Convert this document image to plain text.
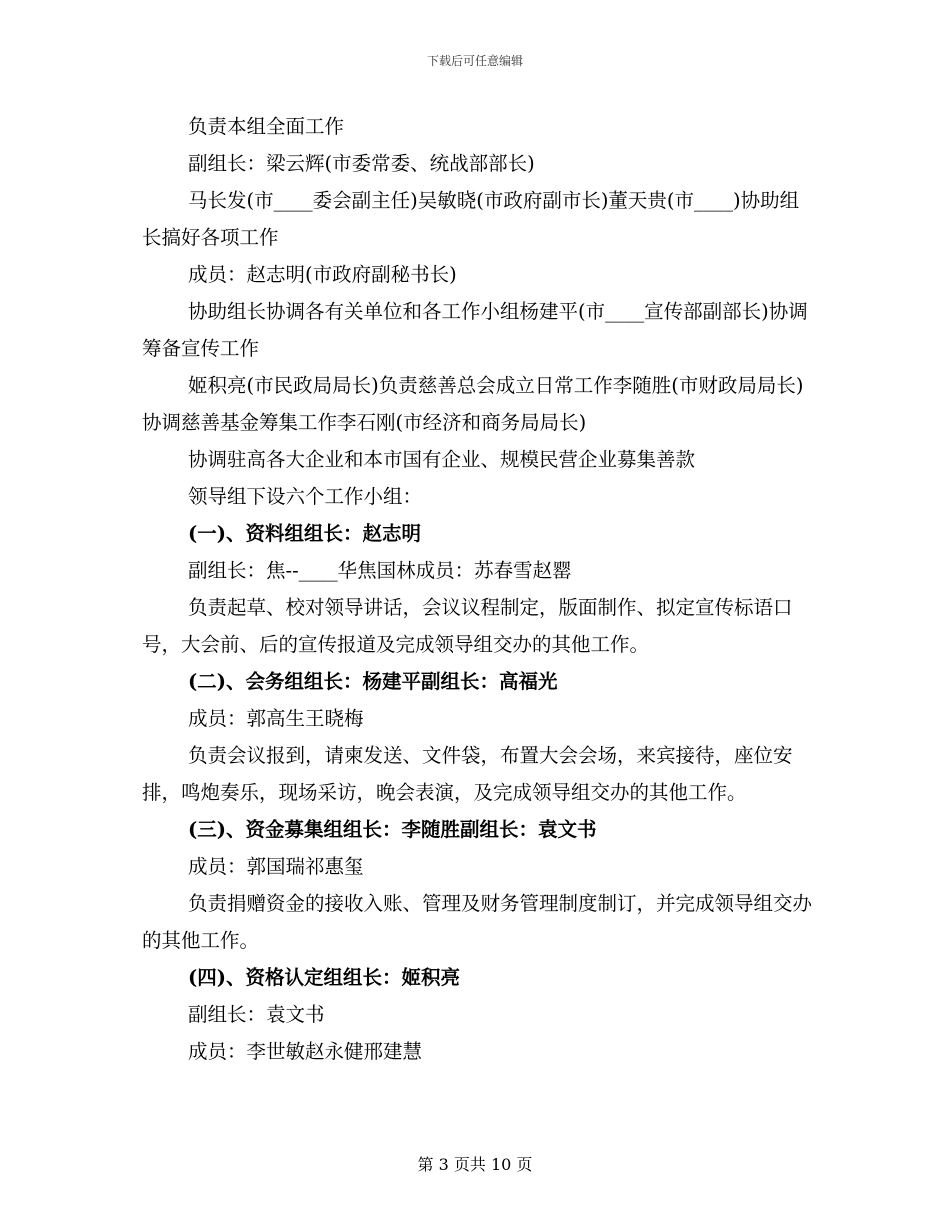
下载后可任意编辑

负责本组全面工作

副组长：梁云辉(市委常委、统战部部长)

马长发(市____委会副主任)吴敏晓(市政府副市长)董天贵(市____)协助组长搞好各项工作

成员：赵志明(市政府副秘书长)

协助组长协调各有关单位和各工作小组杨建平(市____宣传部副部长)协调筹备宣传工作

姬积亮(市民政局局长)负责慈善总会成立日常工作李随胜(市财政局局长)协调慈善基金筹集工作李石刚(市经济和商务局局长)

协调驻高各大企业和本市国有企业、规模民营企业募集善款

领导组下设六个工作小组：

(一)、资料组组长：赵志明

副组长：焦--____华焦国林成员：苏春雪赵罂

负责起草、校对领导讲话，会议议程制定，版面制作、拟定宣传标语口号，大会前、后的宣传报道及完成领导组交办的其他工作。

(二)、会务组组长：杨建平副组长：高福光

成员：郭高生王晓梅

负责会议报到，请柬发送、文件袋，布置大会会场，来宾接待，座位安排，鸣炮奏乐，现场采访，晚会表演，及完成领导组交办的其他工作。

(三)、资金募集组组长：李随胜副组长：袁文书

成员：郭国瑞祁惠玺

负责捐赠资金的接收入账、管理及财务管理制度制订，并完成领导组交办的其他工作。

(四)、资格认定组组长：姬积亮

副组长：袁文书

成员：李世敏赵永健邢建慧

第 3 页共 10 页
